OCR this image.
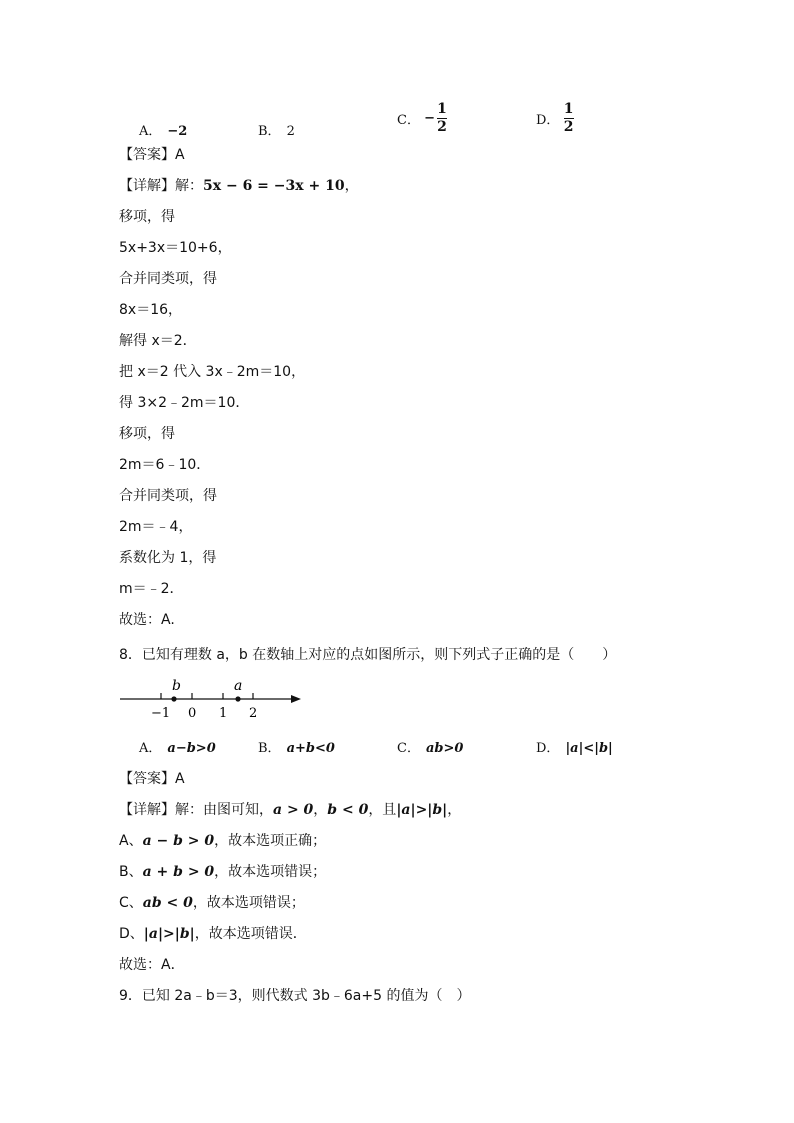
A． −2	B． 2
C． − $\frac{1}{2}$	D． $\frac{1}{2}$
【答案】A
【详解】解：5x − 6 = −3x + 10，
移项，得
5x+3x＝10+6，
合并同类项，得
8x＝16，
解得 x＝2．
把 x＝2 代入 3x﹣2m＝10，
得 3×2﹣2m＝10．
移项，得
2m＝6﹣10．
合并同类项，得
2m＝﹣4，
系数化为 1，得
m＝﹣2．
故选：A.
8．已知有理数 a，b 在数轴上对应的点如图所示，则下列式子正确的是（　　）
b	a
−1 0 1 2
A． a−b>0	B． a+b<0	C． ab>0	D． |a|<|b|
【答案】A
【详解】解：由图可知，a > 0，b < 0，且|a|>|b|，
A、a − b > 0，故本选项正确；
B、a + b > 0，故本选项错误；
C、ab < 0，故本选项错误；
D、|a|>|b|，故本选项错误．
故选：A．
9．已知 2a﹣b＝3，则代数式 3b﹣6a+5 的值为（　）
